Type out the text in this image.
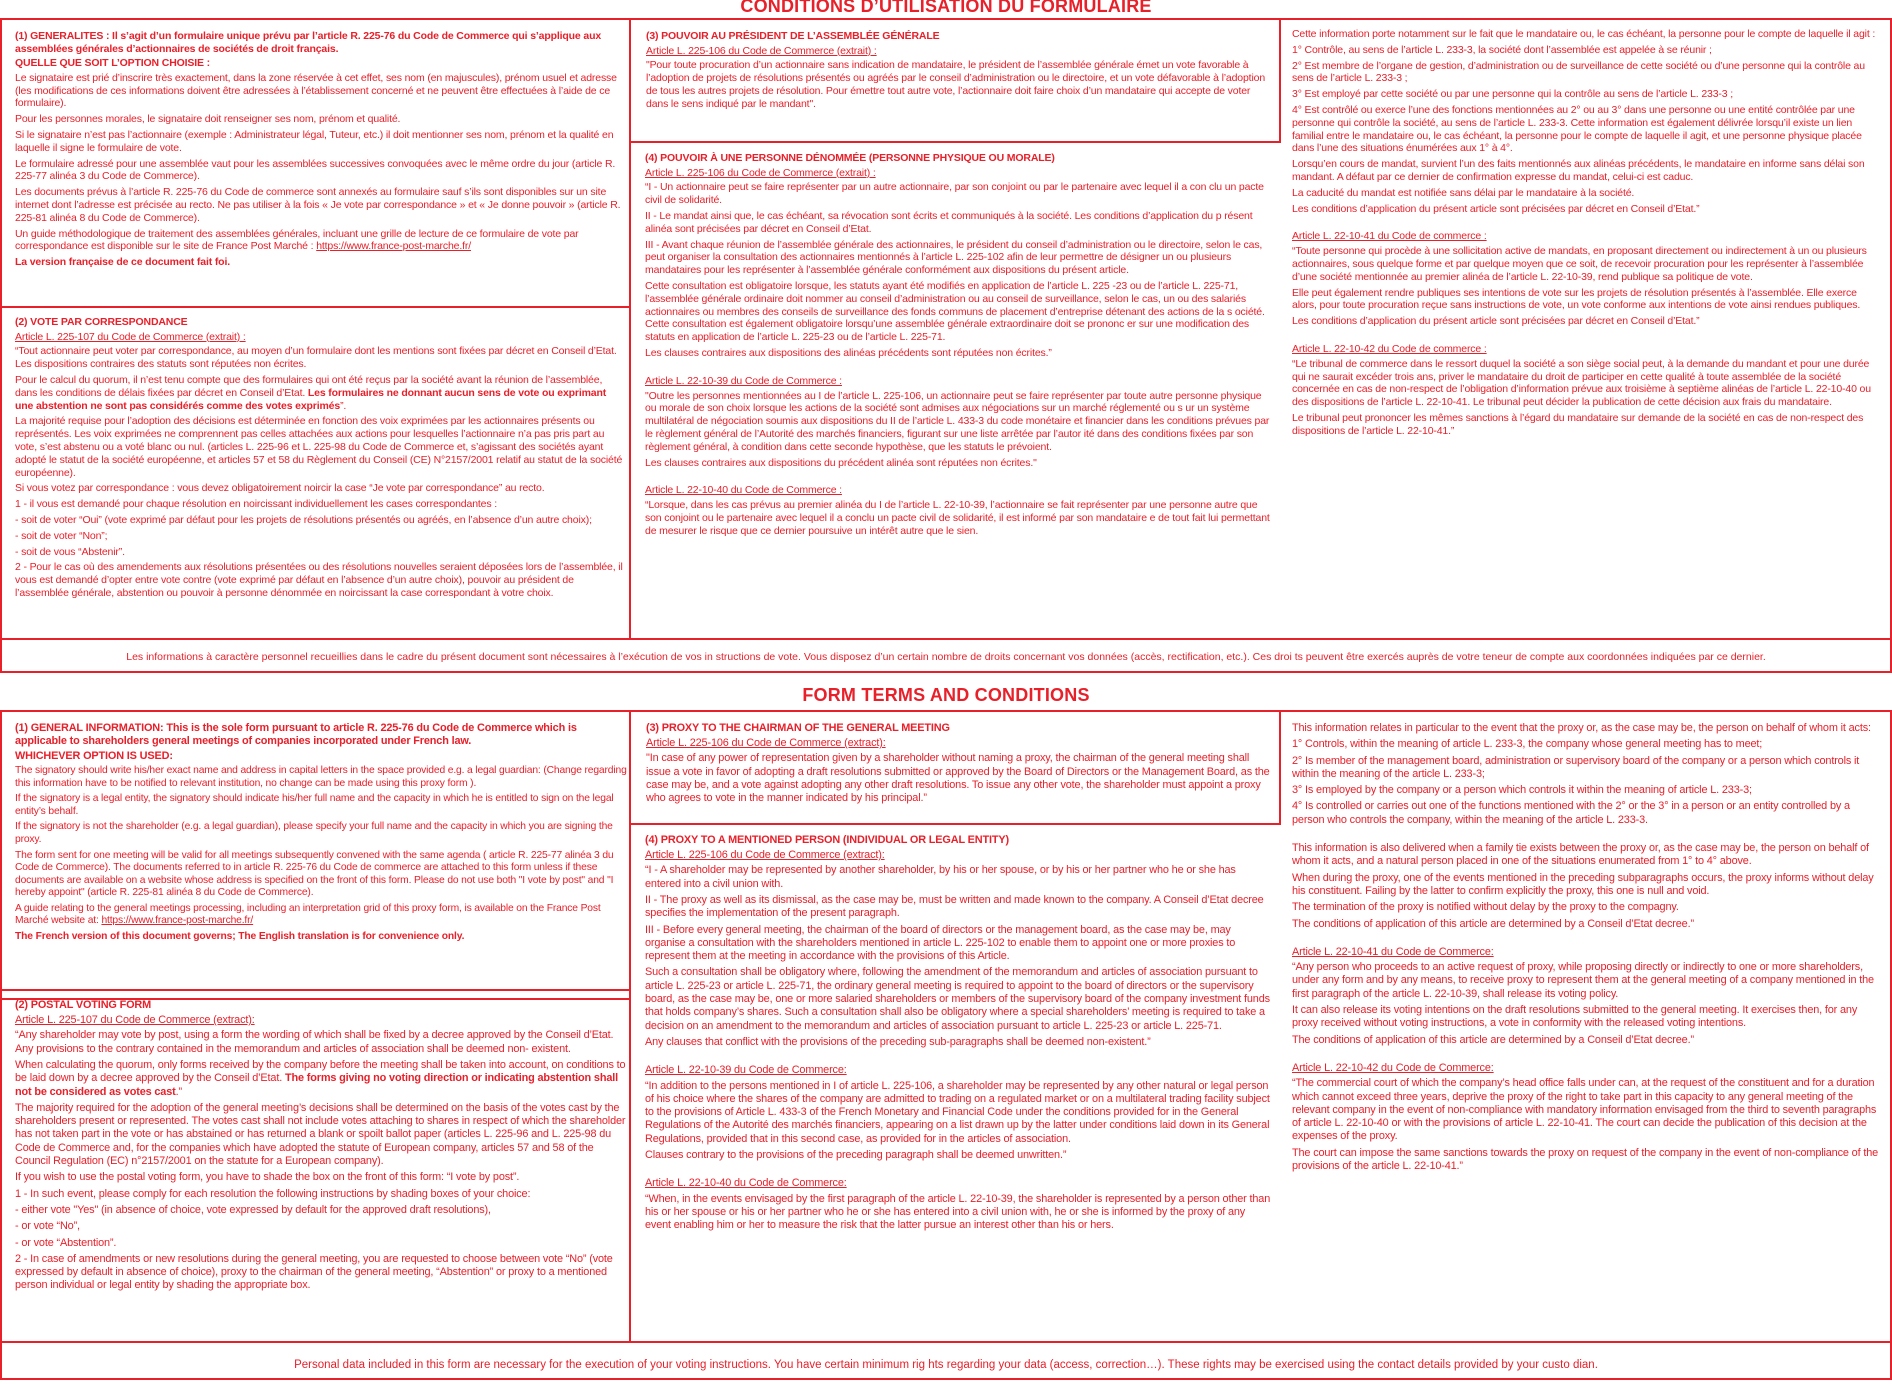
CONDITIONS D’UTILISATION DU FORMULAIRE
(1) GENERALITES : Il s’agit d’un formulaire unique prévu par l’article R. 225-76 du Code de Commerce qui s’applique aux assemblées générales d’actionnaires de sociétés de droit français.
QUELLE QUE SOIT L’OPTION CHOISIE :

Le signataire est prié d’inscrire très exactement, dans la zone réservée à cet effet, ses nom (en majuscules), prénom usuel et adresse (les modifications de ces informations doivent être adressées à l’établissement concerné et ne peuvent être effectuées à l’aide de ce formulaire).

Pour les personnes morales, le signataire doit renseigner ses nom, prénom et qualité.

Si le signataire n’est pas l’actionnaire (exemple : Administrateur légal, Tuteur, etc.) il doit mentionner ses nom, prénom et la qualité en laquelle il signe le formulaire de vote.

Le formulaire adressé pour une assemblée vaut pour les assemblées successives convoquées avec le même ordre du jour (article R. 225-77 alinéa 3 du Code de Commerce).

Les documents prévus à l’article R. 225-76 du Code de commerce sont annexés au formulaire sauf s’ils sont disponibles sur un site internet dont l’adresse est précisée au recto. Ne pas utiliser à la fois « Je vote par correspondance » et « Je donne pouvoir » (article R. 225-81 alinéa 8 du Code de Commerce).

Un guide méthodologique de traitement des assemblées générales, incluant une grille de lecture de ce formulaire de vote par correspondance est disponible sur le site de France Post Marché : https://www.france-post-marche.fr/

La version française de ce document fait foi.

(2) VOTE PAR CORRESPONDANCE

Article L. 225-107 du Code de Commerce (extrait) :

“Tout actionnaire peut voter par correspondance, au moyen d’un formulaire dont les mentions sont fixées par décret en Conseil d’Etat. Les dispositions contraires des statuts sont réputées non écrites.

Pour le calcul du quorum, il n’est tenu compte que des formulaires qui ont été reçus par la société avant la réunion de l’assemblée, dans les conditions de délais fixées par décret en Conseil d’Etat. Les formulaires ne donnant aucun sens de vote ou exprimant une abstention ne sont pas considérés comme des votes exprimés”.

La majorité requise pour l’adoption des décisions est déterminée en fonction des voix exprimées par les actionnaires présents ou représentés. Les voix exprimées ne comprennent pas celles attachées aux actions pour lesquelles l’actionnaire n’a pas pris part au vote, s’est abstenu ou a voté blanc ou nul. (articles L. 225-96 et L. 225-98 du Code de Commerce et, s’agissant des sociétés ayant adopté le statut de la société européenne, et articles 57 et 58 du Règlement du Conseil (CE) N°2157/2001 relatif au statut de la société européenne).

Si vous votez par correspondance : vous devez obligatoirement noircir la case “Je vote par correspondance” au recto.

1 - il vous est demandé pour chaque résolution en noircissant individuellement les cases correspondantes :

- soit de voter “Oui” (vote exprimé par défaut pour les projets de résolutions présentés ou agréés, en l’absence d’un autre choix);

- soit de voter “Non”;

- soit de vous “Abstenir”.

2 - Pour le cas où des amendements aux résolutions présentées ou des résolutions nouvelles seraient déposées lors de l’assemblée, il vous est demandé d’opter entre vote contre (vote exprimé par défaut en l’absence d’un autre choix), pouvoir au président de l’assemblée générale, abstention ou pouvoir à personne dénommée en noircissant la case correspondant à votre choix.

(3) POUVOIR AU PRÉSIDENT DE L’ASSEMBLÉE GÉNÉRALE

Article L. 225-106 du Code de Commerce (extrait) :

"Pour toute procuration d’un actionnaire sans indication de mandataire, le président de l’assemblée générale émet un vote favorable à l’adoption de projets de résolutions présentés ou agréés par le conseil d’administration ou le directoire, et un vote défavorable à l’adoption de tous les autres projets de résolution. Pour émettre tout autre vote, l’actionnaire doit faire choix d’un mandataire qui accepte de voter dans le sens indiqué par le mandant".

(4) POUVOIR À UNE PERSONNE DÉNOMMÉE (PERSONNE PHYSIQUE OU MORALE)

Article L. 225-106 du Code de Commerce (extrait) :

“I - Un actionnaire peut se faire représenter par un autre actionnaire, par son conjoint ou par le partenaire avec lequel il a con clu un pacte civil de solidarité.

II - Le mandat ainsi que, le cas échéant, sa révocation sont écrits et communiqués à la société. Les conditions d’application du p résent alinéa sont précisées par décret en Conseil d’Etat.

III - Avant chaque réunion de l’assemblée générale des actionnaires, le président du conseil d’administration ou le directoire, selon le cas, peut organiser la consultation des actionnaires mentionnés à l’article L. 225-102 afin de leur permettre de désigner un ou plusieurs mandataires pour les représenter à l’assemblée générale conformément aux dispositions du présent article.

Cette consultation est obligatoire lorsque, les statuts ayant été modifiés en application de l’article L. 225 -23 ou de l’article L. 225-71, l’assemblée générale ordinaire doit nommer au conseil d’administration ou au conseil de surveillance, selon le cas, un ou des salariés actionnaires ou membres des conseils de surveillance des fonds communs de placement d’entreprise détenant des actions de la s ociété. Cette consultation est également obligatoire lorsqu’une assemblée générale extraordinaire doit se prononc er sur une modification des statuts en application de l’article L. 225-23 ou de l’article L. 225-71.

Les clauses contraires aux dispositions des alinéas précédents sont réputées non écrites.”

Article L. 22-10-39 du Code de Commerce :

"Outre les personnes mentionnées au I de l’article L. 225-106, un actionnaire peut se faire représenter par toute autre personne physique ou morale de son choix lorsque les actions de la société sont admises aux négociations sur un marché réglementé ou s ur un système multilatéral de négociation soumis aux dispositions du II de l’article L. 433-3 du code monétaire et financier dans les conditions prévues par le règlement général de l’Autorité des marchés financiers, figurant sur une liste arrêtée par l’autor ité dans des conditions fixées par son règlement général, à condition dans cette seconde hypothèse, que les statuts le prévoient.

Les clauses contraires aux dispositions du précédent alinéa sont réputées non écrites."

Article L. 22-10-40 du Code de Commerce :

“Lorsque, dans les cas prévus au premier alinéa du I de l’article L. 22-10-39, l’actionnaire se fait représenter par une personne autre que son conjoint ou le partenaire avec lequel il a conclu un pacte civil de solidarité, il est informé par son mandataire e de tout fait lui permettant de mesurer le risque que ce dernier poursuive un intérêt autre que le sien.

Cette information porte notamment sur le fait que le mandataire ou, le cas échéant, la personne pour le compte de laquelle il agit :

1° Contrôle, au sens de l’article L. 233-3, la société dont l’assemblée est appelée à se réunir ;

2° Est membre de l’organe de gestion, d’administration ou de surveillance de cette société ou d’une personne qui la contrôle au sens de l’article L. 233-3 ;

3° Est employé par cette société ou par une personne qui la contrôle au sens de l’article L. 233-3 ;

4° Est contrôlé ou exerce l’une des fonctions mentionnées au 2° ou au 3° dans une personne ou une entité contrôlée par une personne qui contrôle la société, au sens de l’article L. 233-3. Cette information est également délivrée lorsqu’il existe un lien familial entre le mandataire ou, le cas échéant, la personne pour le compte de laquelle il agit, et une personne physique placée dans l’une des situations énumérées aux 1° à 4°.

Lorsqu’en cours de mandat, survient l’un des faits mentionnés aux alinéas précédents, le mandataire en informe sans délai son mandant. A défaut par ce dernier de confirmation expresse du mandat, celui-ci est caduc.

La caducité du mandat est notifiée sans délai par le mandataire à la société.

Les conditions d’application du présent article sont précisées par décret en Conseil d’Etat.”

Article L. 22-10-41 du Code de commerce :

“Toute personne qui procède à une sollicitation active de mandats, en proposant directement ou indirectement à un ou plusieurs actionnaires, sous quelque forme et par quelque moyen que ce soit, de recevoir procuration pour les représenter à l’assemblée d’une société mentionnée au premier alinéa de l’article L. 22-10-39, rend publique sa politique de vote.

Elle peut également rendre publiques ses intentions de vote sur les projets de résolution présentés à l’assemblée. Elle exerce alors, pour toute procuration reçue sans instructions de vote, un vote conforme aux intentions de vote ainsi rendues publiques.

Les conditions d’application du présent article sont précisées par décret en Conseil d’Etat.”

Article L. 22-10-42 du Code de commerce :

“Le tribunal de commerce dans le ressort duquel la société a son siège social peut, à la demande du mandant et pour une durée qui ne saurait excéder trois ans, priver le mandataire du droit de participer en cette qualité à toute assemblée de la société concernée en cas de non-respect de l’obligation d’information prévue aux troisième à septième alinéas de l’article L. 22-10-40 ou des dispositions de l’article L. 22-10-41. Le tribunal peut décider la publication de cette décision aux frais du mandataire.

Le tribunal peut prononcer les mêmes sanctions à l’égard du mandataire sur demande de la société en cas de non-respect des dispositions de l’article L. 22-10-41.”

Les informations à caractère personnel recueillies dans le cadre du présent document sont nécessaires à l’exécution de vos in structions de vote. Vous disposez d’un certain nombre de droits concernant vos données (accès, rectification, etc.). Ces droi ts peuvent être exercés auprès de votre teneur de compte aux coordonnées indiquées par ce dernier.
FORM TERMS AND CONDITIONS
(1) GENERAL INFORMATION: This is the sole form pursuant to article R. 225-76 du Code de Commerce which is applicable to shareholders general meetings of companies incorporated under French law.
WHICHEVER OPTION IS USED:

The signatory should write his/her exact name and address in capital letters in the space provided e.g. a legal guardian: (Change regarding this information have to be notified to relevant institution, no change can be made using this proxy form ).

If the signatory is a legal entity, the signatory should indicate his/her full name and the capacity in which he is entitled to sign on the legal entity’s behalf.

If the signatory is not the shareholder (e.g. a legal guardian), please specify your full name and the capacity in which you are signing the proxy.

The form sent for one meeting will be valid for all meetings subsequently convened with the same agenda ( article R. 225-77 alinéa 3 du Code de Commerce). The documents referred to in article R. 225-76 du Code de commerce are attached to this form unless if these documents are available on a website whose address is specified on the front of this form. Please do not use both "I vote by post" and "I hereby appoint" (article R. 225-81 alinéa 8 du Code de Commerce).

A guide relating to the general meetings processing, including an interpretation grid of this proxy form, is available on the France Post Marché website at: https://www.france-post-marche.fr/

The French version of this document governs; The English translation is for convenience only.

(2) POSTAL VOTING FORM

Article L. 225-107 du Code de Commerce (extract):

“Any shareholder may vote by post, using a form the wording of which shall be fixed by a decree approved by the Conseil d’Etat. Any provisions to the contrary contained in the memorandum and articles of association shall be deemed non- existent.

When calculating the quorum, only forms received by the company before the meeting shall be taken into account, on conditions to be laid down by a decree approved by the Conseil d’Etat. The forms giving no voting direction or indicating abstention shall not be considered as votes cast.”

The majority required for the adoption of the general meeting’s decisions shall be determined on the basis of the votes cast by the shareholders present or represented. The votes cast shall not include votes attaching to shares in respect of which the shareholder has not taken part in the vote or has abstained or has returned a blank or spoilt ballot paper (articles L. 225-96 and L. 225-98 du Code de Commerce and, for the companies which have adopted the statute of European company, articles 57 and 58 of the Council Regulation (EC) n°2157/2001 on the statute for a European company).

If you wish to use the postal voting form, you have to shade the box on the front of this form: “I vote by post”.

1 - In such event, please comply for each resolution the following instructions by shading boxes of your choice:

- either vote "Yes" (in absence of choice, vote expressed by default for the approved draft resolutions),

- or vote “No”,

- or vote “Abstention”.

2 - In case of amendments or new resolutions during the general meeting, you are requested to choose between vote “No” (vote expressed by default in absence of choice), proxy to the chairman of the general meeting, “Abstention” or proxy to a mentioned person individual or legal entity by shading the appropriate box.

(3) PROXY TO THE CHAIRMAN OF THE GENERAL MEETING

Article L. 225-106 du Code de Commerce (extract):

"In case of any power of representation given by a shareholder without naming a proxy, the chairman of the general meeting shall issue a vote in favor of adopting a draft resolutions submitted or approved by the Board of Directors or the Management Board, as the case may be, and a vote against adopting any other draft resolutions. To issue any other vote, the shareholder must appoint a proxy who agrees to vote in the manner indicated by his principal.”

(4) PROXY TO A MENTIONED PERSON (INDIVIDUAL OR LEGAL ENTITY)

Article L. 225-106 du Code de Commerce (extract):

“I - A shareholder may be represented by another shareholder, by his or her spouse, or by his or her partner who he or she has entered into a civil union with.

II - The proxy as well as its dismissal, as the case may be, must be written and made known to the company. A Conseil d’Etat decree specifies the implementation of the present paragraph.

III - Before every general meeting, the chairman of the board of directors or the management board, as the case may be, may organise a consultation with the shareholders mentioned in article L. 225-102 to enable them to appoint one or more proxies to represent them at the meeting in accordance with the provisions of this Article.

Such a consultation shall be obligatory where, following the amendment of the memorandum and articles of association pursuant to article L. 225-23 or article L. 225-71, the ordinary general meeting is required to appoint to the board of directors or the supervisory board, as the case may be, one or more salaried shareholders or members of the supervisory board of the company investment funds that holds company’s shares. Such a consultation shall also be obligatory where a special shareholders’ meeting is required to take a decision on an amendment to the memorandum and articles of association pursuant to article L. 225-23 or article L. 225-71.

Any clauses that conflict with the provisions of the preceding sub-paragraphs shall be deemed non-existent.”

Article L. 22-10-39 du Code de Commerce:

“In addition to the persons mentioned in I of article L. 225-106, a shareholder may be represented by any other natural or legal person of his choice where the shares of the company are admitted to trading on a regulated market or on a multilateral trading facility subject to the provisions of Article L. 433-3 of the French Monetary and Financial Code under the conditions provided for in the General Regulations of the Autorité des marchés financiers, appearing on a list drawn up by the latter under conditions laid down in its General Regulations, provided that in this second case, as provided for in the articles of association.

Clauses contrary to the provisions of the preceding paragraph shall be deemed unwritten.”

Article L. 22-10-40 du Code de Commerce:

“When, in the events envisaged by the first paragraph of the article L. 22-10-39, the shareholder is represented by a person other than his or her spouse or his or her partner who he or she has entered into a civil union with, he or she is informed by the proxy of any event enabling him or her to measure the risk that the latter pursue an interest other than his or hers.

This information relates in particular to the event that the proxy or, as the case may be, the person on behalf of whom it acts:

1° Controls, within the meaning of article L. 233-3, the company whose general meeting has to meet;

2° Is member of the management board, administration or supervisory board of the company or a person which controls it within the meaning of the article L. 233-3;

3° Is employed by the company or a person which controls it within the meaning of article L. 233-3;

4° Is controlled or carries out one of the functions mentioned with the 2° or the 3° in a person or an entity controlled by a person who controls the company, within the meaning of the article L. 233-3.

This information is also delivered when a family tie exists between the proxy or, as the case may be, the person on behalf of whom it acts, and a natural person placed in one of the situations enumerated from 1° to 4° above.

When during the proxy, one of the events mentioned in the preceding subparagraphs occurs, the proxy informs without delay his constituent. Failing by the latter to confirm explicitly the proxy, this one is null and void.

The termination of the proxy is notified without delay by the proxy to the compagny.

The conditions of application of this article are determined by a Conseil d’Etat decree.”

Article L. 22-10-41 du Code de Commerce:

“Any person who proceeds to an active request of proxy, while proposing directly or indirectly to one or more shareholders, under any form and by any means, to receive proxy to represent them at the general meeting of a company mentioned in the first paragraph of the article L. 22-10-39, shall release its voting policy.

It can also release its voting intentions on the draft resolutions submitted to the general meeting. It exercises then, for any proxy received without voting instructions, a vote in conformity with the released voting intentions.

The conditions of application of this article are determined by a Conseil d’Etat decree.”

Article L. 22-10-42 du Code de Commerce:

“The commercial court of which the company’s head office falls under can, at the request of the constituent and for a duration which cannot exceed three years, deprive the proxy of the right to take part in this capacity to any general meeting of the relevant company in the event of non-compliance with mandatory information envisaged from the third to seventh paragraphs of article L. 22-10-40 or with the provisions of article L. 22-10-41. The court can decide the publication of this decision at the expenses of the proxy.

The court can impose the same sanctions towards the proxy on request of the company in the event of non-compliance of the provisions of the article L. 22-10-41.”

Personal data included in this form are necessary for the execution of your voting instructions. You have certain minimum rig hts regarding your data (access, correction…). These rights may be exercised using the contact details provided by your custo dian.
